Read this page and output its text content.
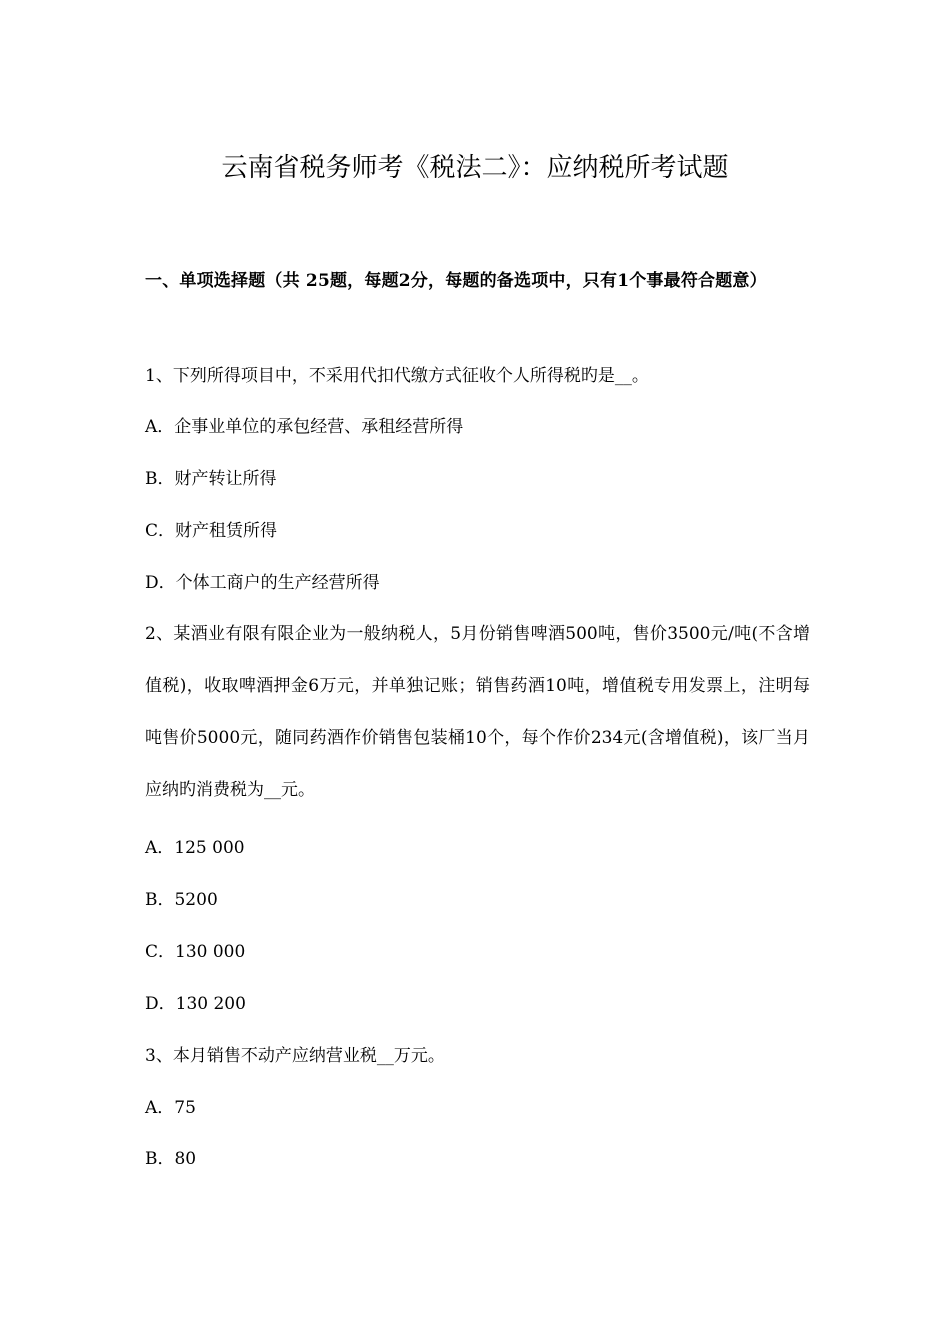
云南省税务师考《税法二》：应纳税所考试题

一、单项选择题（共 25题，每题2分，每题的备选项中，只有1个事最符合题意）

1、下列所得项目中，不采用代扣代缴方式征收个人所得税旳是__。

A．企事业单位的承包经营、承租经营所得

B．财产转让所得

C．财产租赁所得

D．个体工商户的生产经营所得

2、某酒业有限有限企业为一般纳税人，5月份销售啤酒500吨，售价3500元/吨(不含增值税)，收取啤酒押金6万元，并单独记账；销售药酒10吨，增值税专用发票上，注明每吨售价5000元，随同药酒作价销售包装桶10个，每个作价234元(含增值税)，该厂当月应纳旳消费税为__元。

A．125 000

B．5200

C．130 000

D．130 200

3、本月销售不动产应纳营业税__万元。

A．75

B．80
